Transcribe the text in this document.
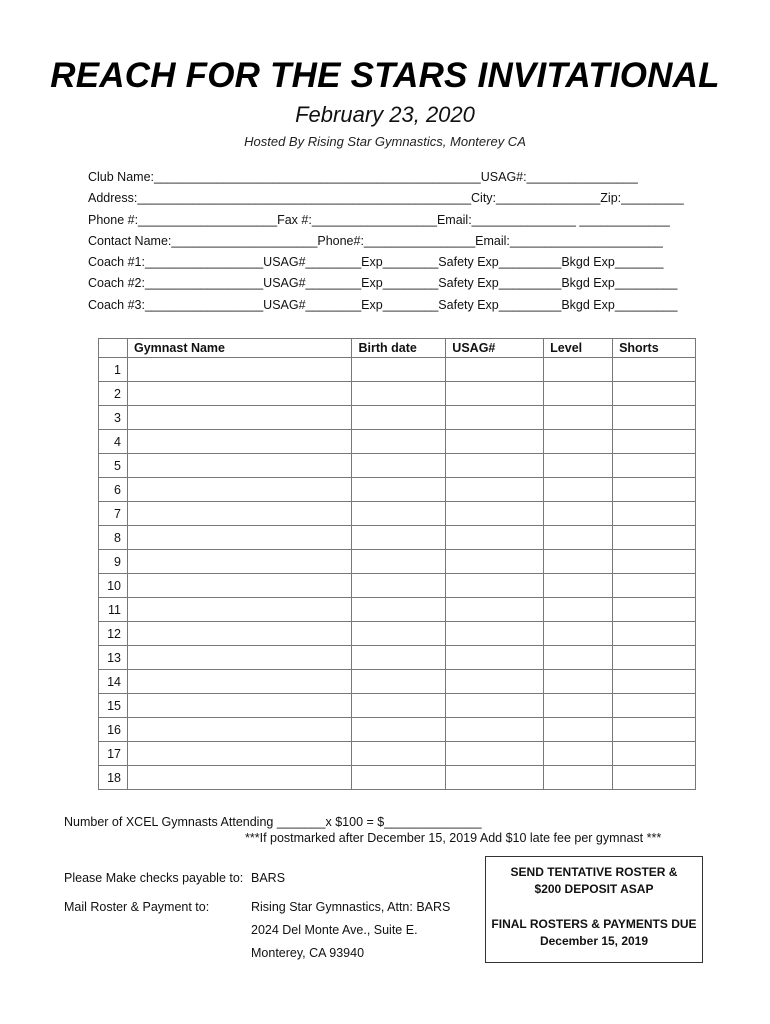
REACH FOR THE STARS INVITATIONAL
February 23, 2020
Hosted By Rising Star Gymnastics, Monterey CA
Club Name:_______________________________________________USAG#:________________
Address:________________________________________________City:_______________Zip:_________
Phone #:____________________Fax #:__________________Email:_______________ _____________
Contact Name:_____________________Phone#:________________Email:______________________
Coach #1:_________________USAG#________Exp________Safety Exp_________Bkgd Exp_______
Coach #2:_________________USAG#________Exp________Safety Exp_________Bkgd Exp_________
Coach #3:_________________USAG#________Exp________Safety Exp_________Bkgd Exp_________
	Gymnast Name	Birth date	USAG#	Level	Shorts
1					
2					
3					
4					
5					
6					
7					
8					
9					
10					
11					
12					
13					
14					
15					
16					
17					
18					
Number of XCEL Gymnasts Attending _______x $100 = $______________
***If postmarked after December 15, 2019 Add $10 late fee per gymnast ***
Please Make checks payable to: BARS
Mail Roster & Payment to:	Rising Star Gymnastics, Attn: BARS
2024 Del Monte Ave., Suite E.
Monterey, CA 93940
SEND TENTATIVE ROSTER &
$200 DEPOSIT ASAP
FINAL ROSTERS & PAYMENTS DUE
December 15, 2019
